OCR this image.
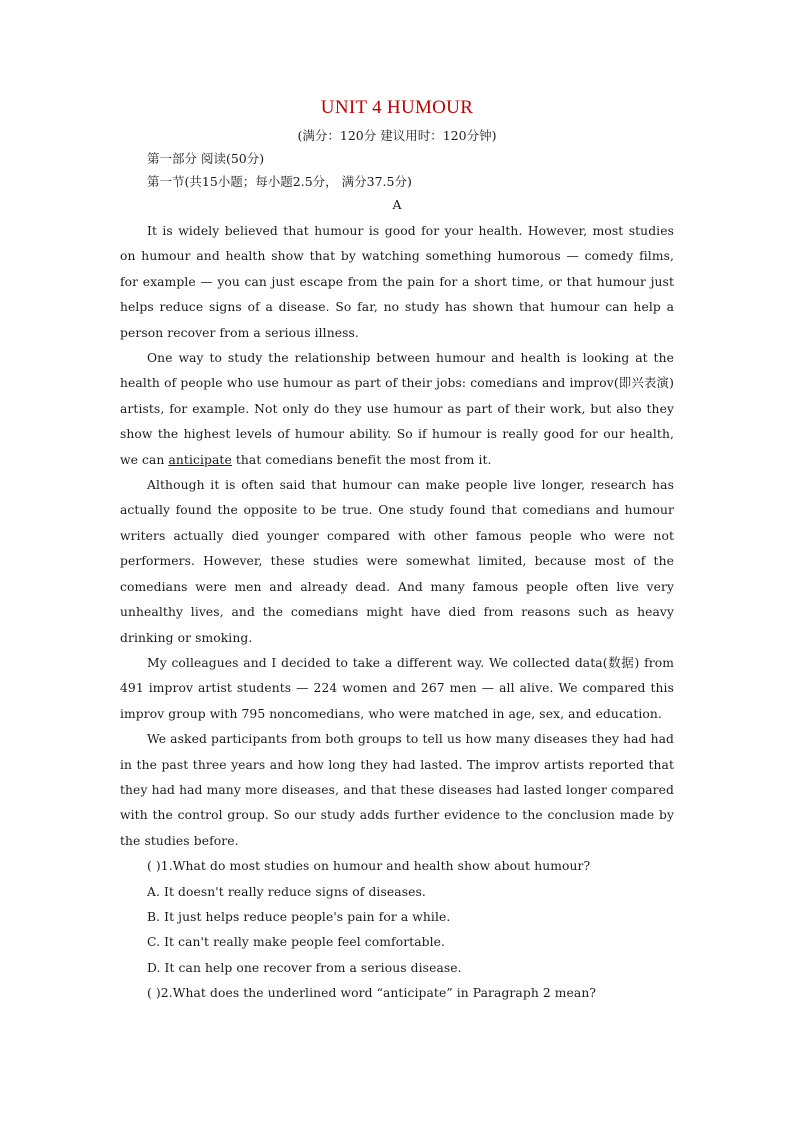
UNIT 4 HUMOUR
(满分：120分 建议用时：120分钟)
第一部分 阅读(50分)
第一节(共15小题；每小题2.5分， 满分37.5分)
A

It is widely believed that humour is good for your health. However, most studies on humour and health show that by watching something humorous — comedy films, for example — you can just escape from the pain for a short time, or that humour just helps reduce signs of a disease. So far, no study has shown that humour can help a person recover from a serious illness.

One way to study the relationship between humour and health is looking at the health of people who use humour as part of their jobs: comedians and improv(即兴表演) artists, for example. Not only do they use humour as part of their work, but also they show the highest levels of humour ability. So if humour is really good for our health, we can anticipate that comedians benefit the most from it.

Although it is often said that humour can make people live longer, research has actually found the opposite to be true. One study found that comedians and humour writers actually died younger compared with other famous people who were not performers. However, these studies were somewhat limited, because most of the comedians were men and already dead. And many famous people often live very unhealthy lives, and the comedians might have died from reasons such as heavy drinking or smoking.

My colleagues and I decided to take a different way. We collected data(数据) from 491 improv artist students — 224 women and 267 men — all alive. We compared this improv group with 795 noncomedians, who were matched in age, sex, and education.

We asked participants from both groups to tell us how many diseases they had had in the past three years and how long they had lasted. The improv artists reported that they had had many more diseases, and that these diseases had lasted longer compared with the control group. So our study adds further evidence to the conclusion made by the studies before.

( )1.What do most studies on humour and health show about humour?
A. It doesn't really reduce signs of diseases.
B. It just helps reduce people's pain for a while.
C. It can't really make people feel comfortable.
D. It can help one recover from a serious disease.
( )2.What does the underlined word “anticipate” in Paragraph 2 mean?
